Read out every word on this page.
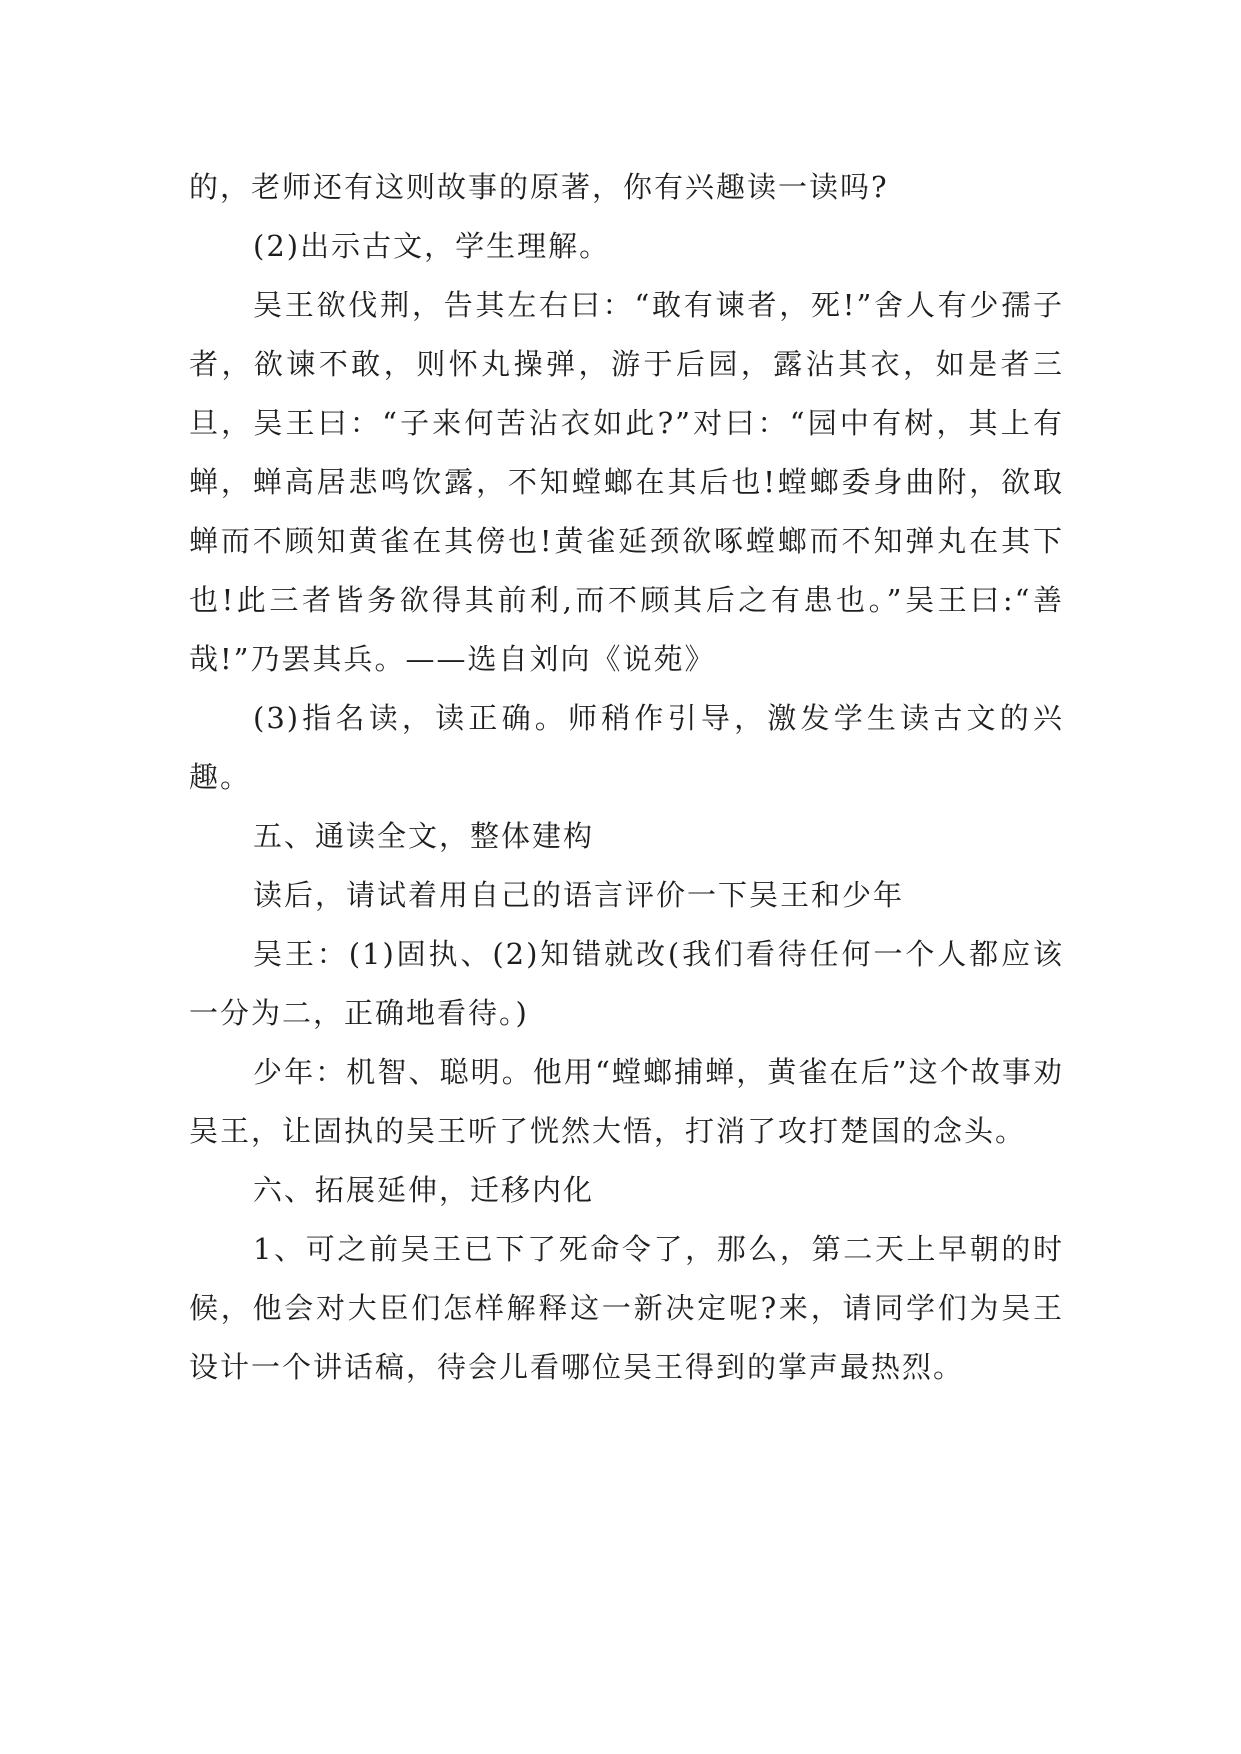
的，老师还有这则故事的原著，你有兴趣读一读吗?

(2)出示古文，学生理解。

吴王欲伐荆，告其左右曰：“敢有谏者，死!”舍人有少孺子者，欲谏不敢，则怀丸操弹，游于后园，露沾其衣，如是者三旦，吴王曰：“子来何苦沾衣如此?”对曰：“园中有树，其上有蝉，蝉高居悲鸣饮露，不知螳螂在其后也!螳螂委身曲附，欲取蝉而不顾知黄雀在其傍也!黄雀延颈欲啄螳螂而不知弹丸在其下也!此三者皆务欲得其前利,而不顾其后之有患也。”吴王曰:“善哉!”乃罢其兵。——选自刘向《说苑》

(3)指名读，读正确。师稍作引导，激发学生读古文的兴趣。

五、通读全文，整体建构

读后，请试着用自己的语言评价一下吴王和少年

吴王：(1)固执、(2)知错就改(我们看待任何一个人都应该一分为二，正确地看待。)

少年：机智、聪明。他用“螳螂捕蝉，黄雀在后”这个故事劝吴王，让固执的吴王听了恍然大悟，打消了攻打楚国的念头。

六、拓展延伸，迁移内化

1、可之前吴王已下了死命令了，那么，第二天上早朝的时候，他会对大臣们怎样解释这一新决定呢?来，请同学们为吴王设计一个讲话稿，待会儿看哪位吴王得到的掌声最热烈。
